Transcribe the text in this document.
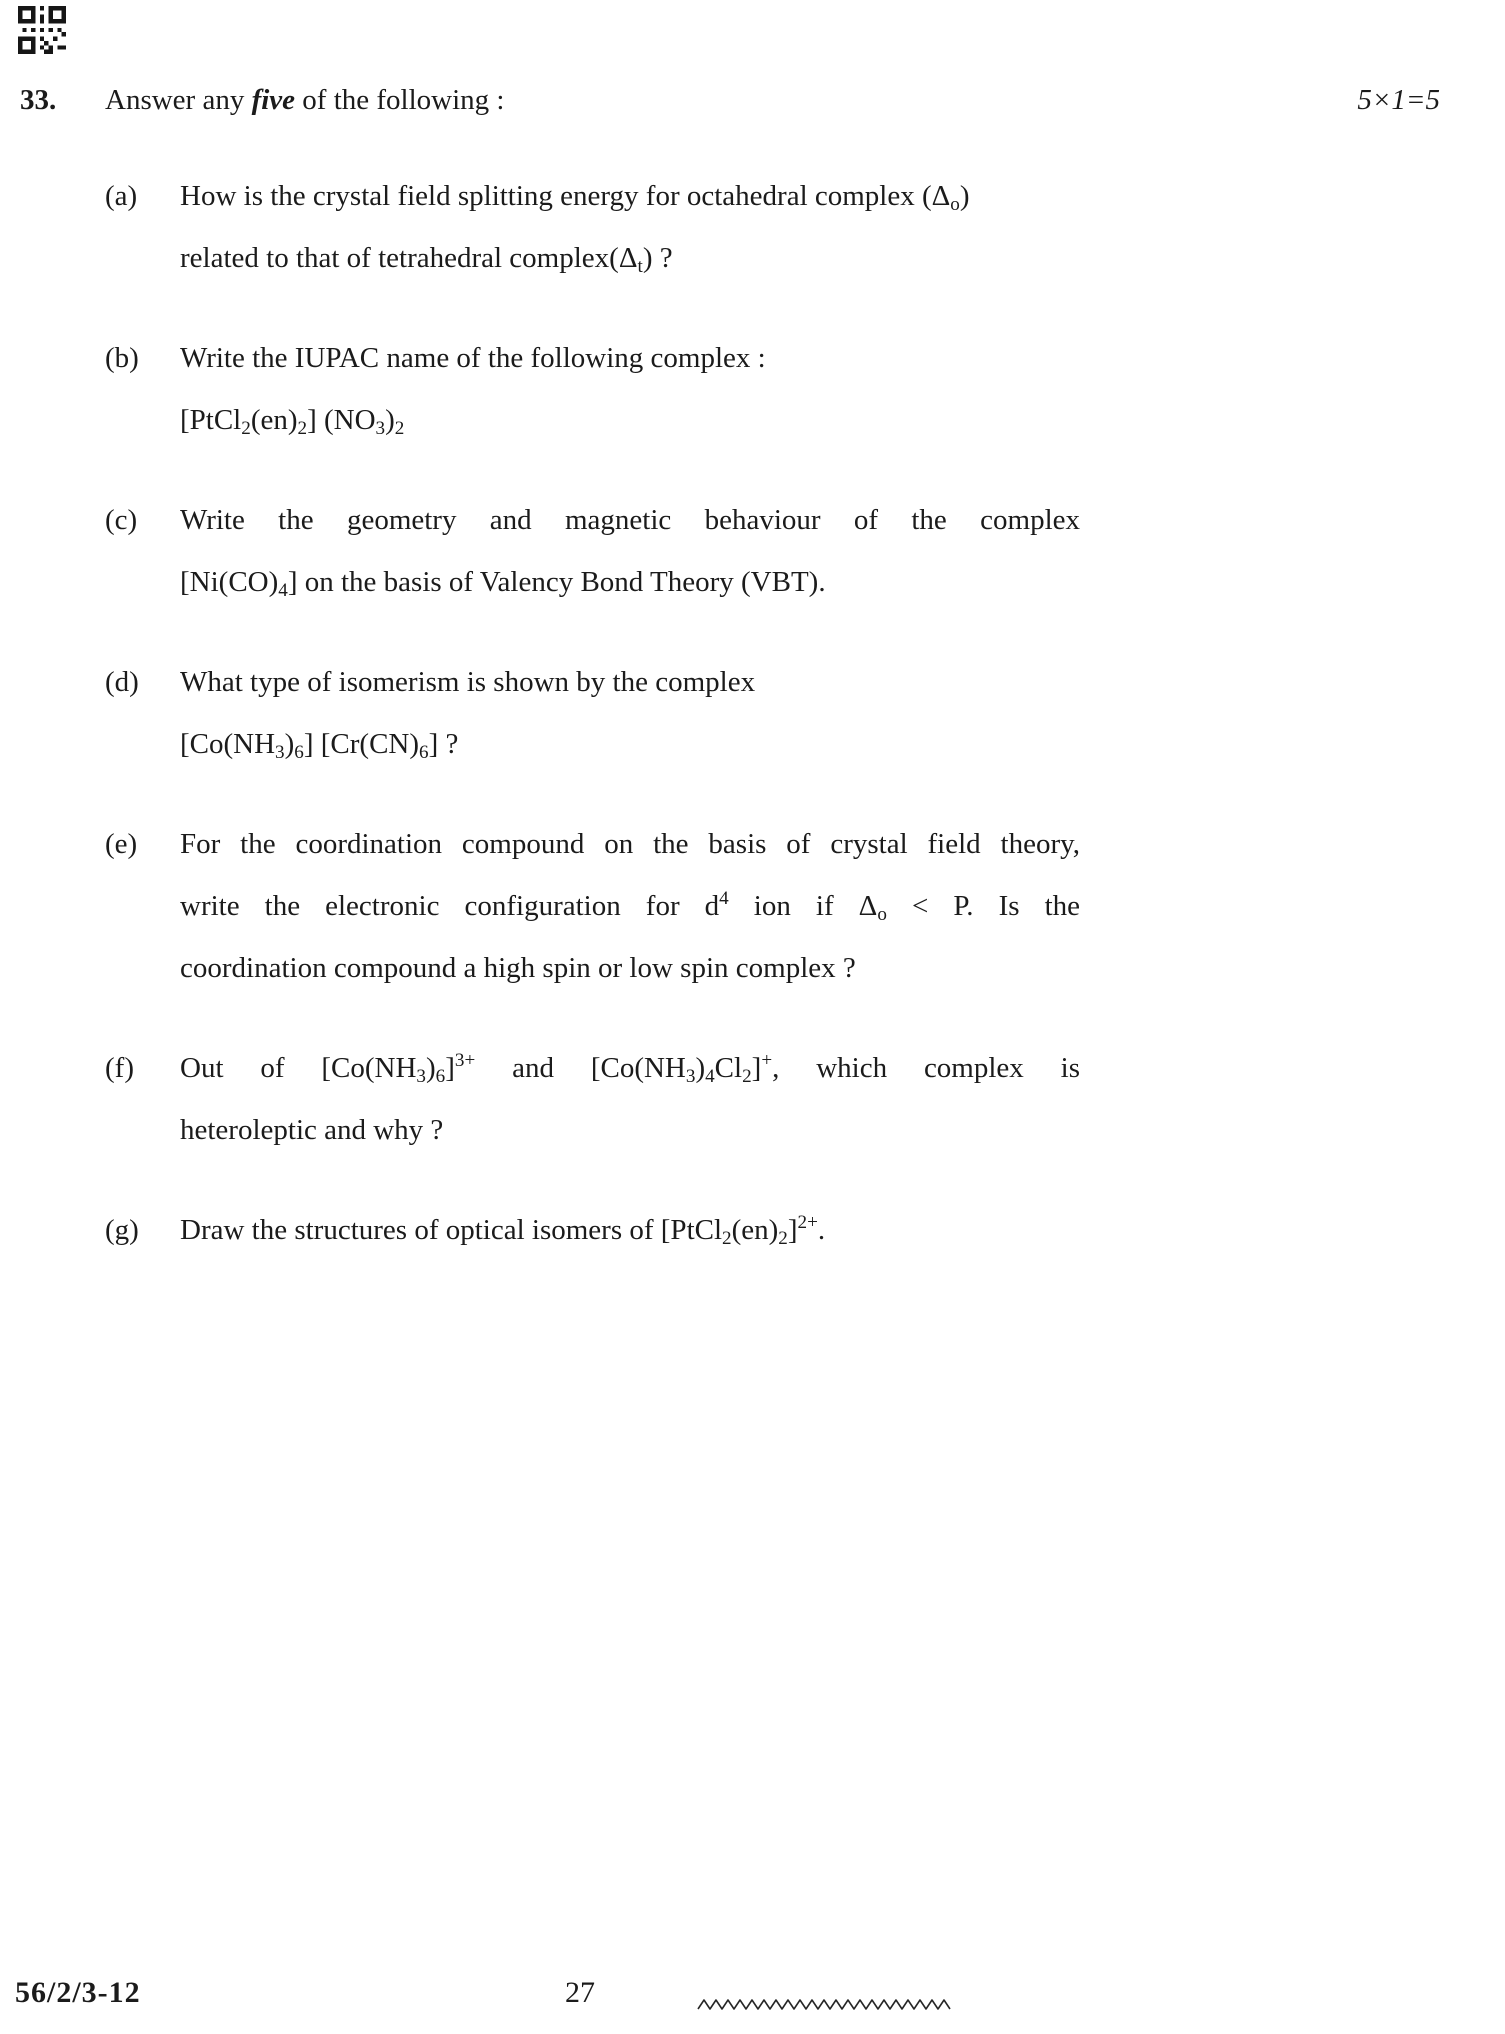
33.	Answer any five of the following :	5×1=5
(a)	How is the crystal field splitting energy for octahedral complex $(\Delta_o)$
related to that of tetrahedral $complex(\Delta_t)$ ?
(b)	Write the IUPAC name of the following complex :
$[PtCl_2(en)_2]$ $(NO_3)_2$
(c)	Write the geometry and magnetic behaviour of the complex
$[Ni(CO)_4]$ on the basis of Valency Bond Theory (VBT).
(d)	What type of isomerism is shown by the complex
$[Co(NH_3)_6]$ $[Cr(CN)_6]$ ?
(e)	For the coordination compound on the basis of crystal field theory,
write the electronic configuration for $d^4$ ion if $\Delta_o < P$. Is the
coordination compound a high spin or low spin complex ?
(f)	Out of $[Co(NH_3)_6]^{3+}$ and $[Co(NH_3)_4Cl_2]^+$, which complex is
heteroleptic and why ?
(g)	Draw the structures of optical isomers of $[PtCl_2(en)_2]^{2+}$.
56/2/3-12	27
